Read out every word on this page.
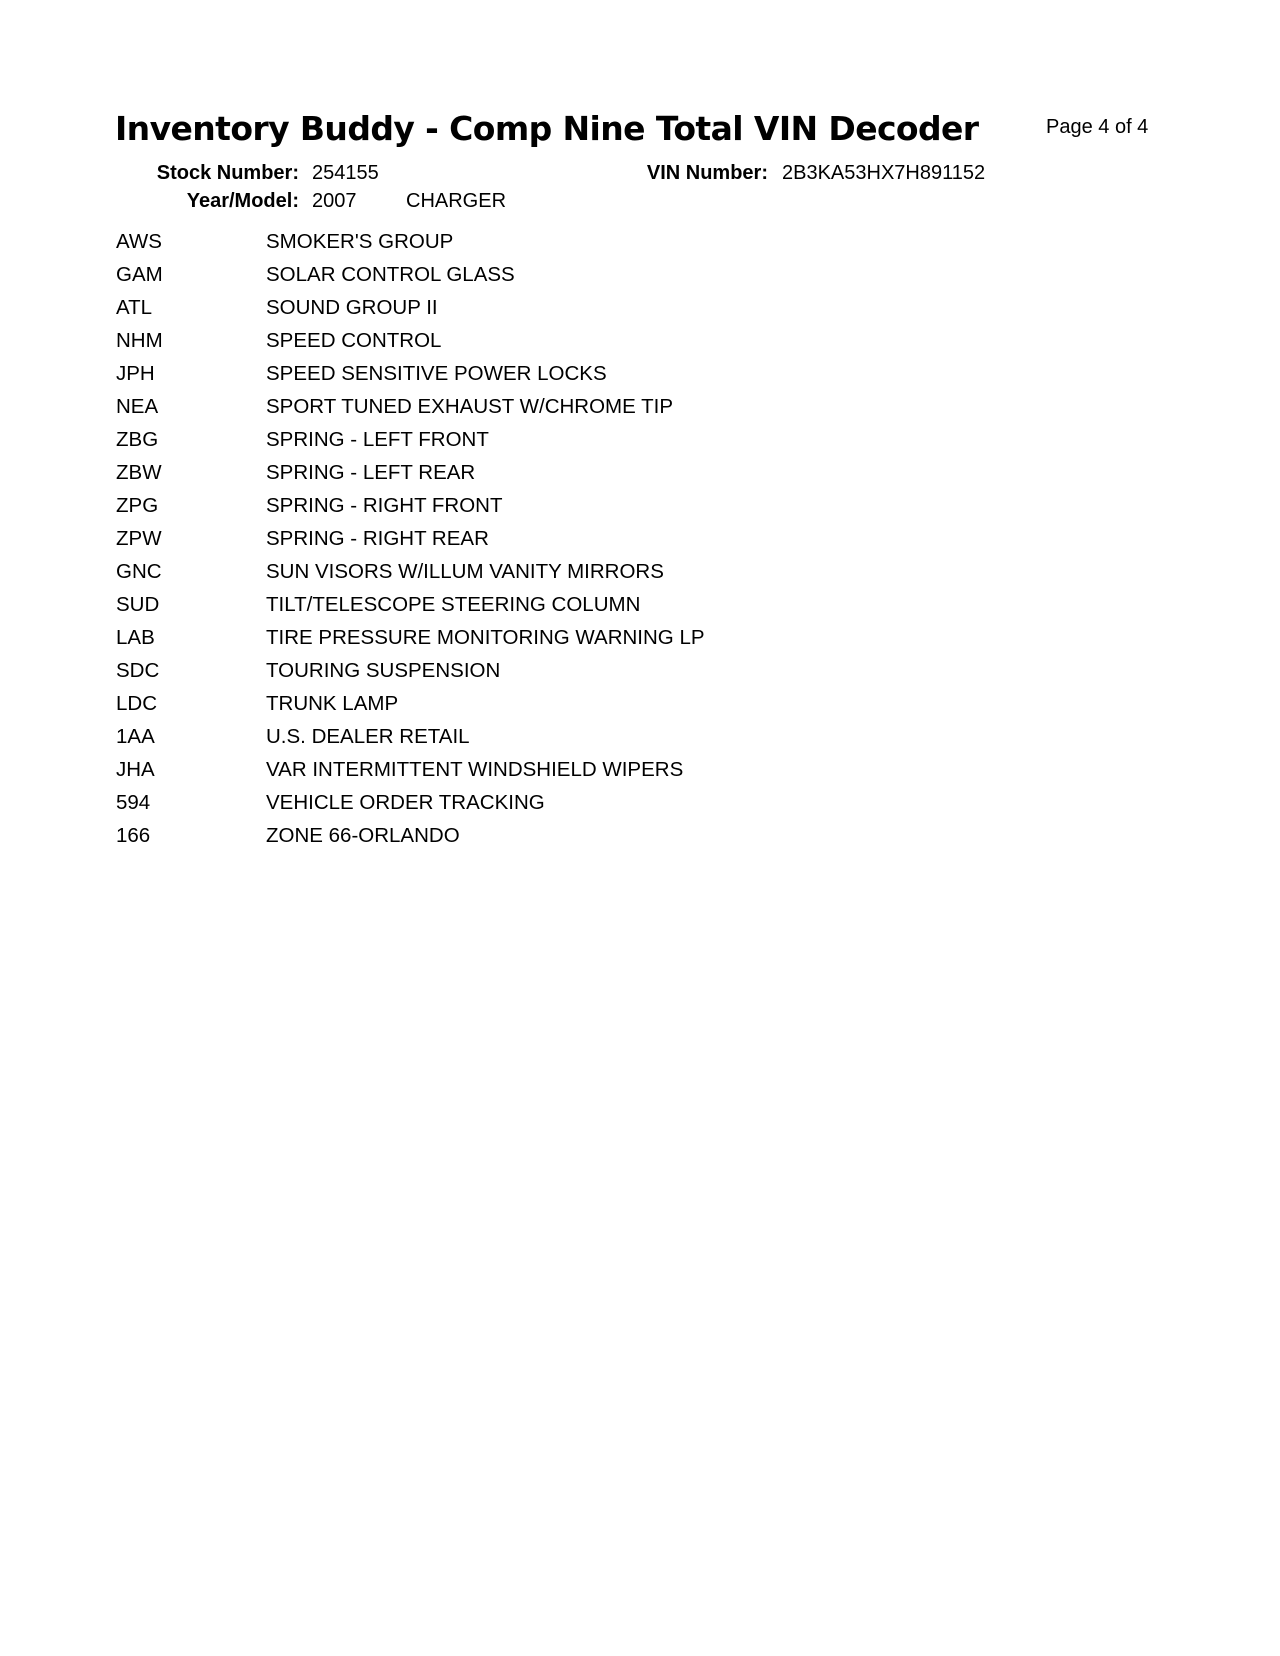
Inventory Buddy - Comp Nine Total VIN Decoder	Page 4 of 4
Stock Number: 254155	VIN Number: 2B3KA53HX7H891152
Year/Model: 2007 CHARGER
AWS	SMOKER'S GROUP
GAM	SOLAR CONTROL GLASS
ATL	SOUND GROUP II
NHM	SPEED CONTROL
JPH	SPEED SENSITIVE POWER LOCKS
NEA	SPORT TUNED EXHAUST W/CHROME TIP
ZBG	SPRING - LEFT FRONT
ZBW	SPRING - LEFT REAR
ZPG	SPRING - RIGHT FRONT
ZPW	SPRING - RIGHT REAR
GNC	SUN VISORS W/ILLUM VANITY MIRRORS
SUD	TILT/TELESCOPE STEERING COLUMN
LAB	TIRE PRESSURE MONITORING WARNING LP
SDC	TOURING SUSPENSION
LDC	TRUNK LAMP
1AA	U.S. DEALER RETAIL
JHA	VAR INTERMITTENT WINDSHIELD WIPERS
594	VEHICLE ORDER TRACKING
166	ZONE 66-ORLANDO
